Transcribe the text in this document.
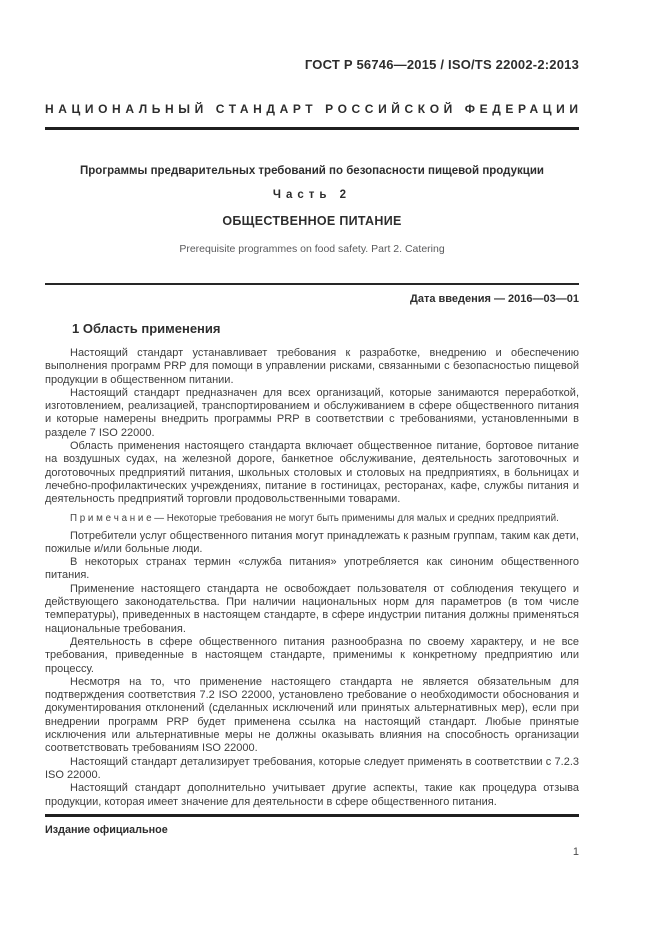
ГОСТ Р 56746—2015 / ISO/TS 22002-2:2013
НАЦИОНАЛЬНЫЙ СТАНДАРТ РОССИЙСКОЙ ФЕДЕРАЦИИ
Программы предварительных требований по безопасности пищевой продукции
Часть 2
ОБЩЕСТВЕННОЕ ПИТАНИЕ
Prerequisite programmes on food safety. Part 2. Catering
Дата введения — 2016—03—01
1 Область применения

Настоящий стандарт устанавливает требования к разработке, внедрению и обеспечению выполнения программ PRP для помощи в управлении рисками, связанными с безопасностью пищевой продукции в общественном питании.

Настоящий стандарт предназначен для всех организаций, которые занимаются переработкой, изготовлением, реализацией, транспортированием и обслуживанием в сфере общественного питания и которые намерены внедрить программы PRP в соответствии с требованиями, установленными в разделе 7 ISO 22000.

Область применения настоящего стандарта включает общественное питание, бортовое питание на воздушных судах, на железной дороге, банкетное обслуживание, деятельность заготовочных и доготовочных предприятий питания, школьных столовых и столовых на предприятиях, в больницах и лечебно-профилактических учреждениях, питание в гостиницах, ресторанах, кафе, службы питания и деятельность предприятий торговли продовольственными товарами.

П р и м е ч а н и е — Некоторые требования не могут быть применимы для малых и средних предприятий.

Потребители услуг общественного питания могут принадлежать к разным группам, таким как дети, пожилые и/или больные люди.

В некоторых странах термин «служба питания» употребляется как синоним общественного питания.

Применение настоящего стандарта не освобождает пользователя от соблюдения текущего и действующего законодательства. При наличии национальных норм для параметров (в том числе температуры), приведенных в настоящем стандарте, в сфере индустрии питания должны применяться национальные требования.

Деятельность в сфере общественного питания разнообразна по своему характеру, и не все требования, приведенные в настоящем стандарте, применимы к конкретному предприятию или процессу.

Несмотря на то, что применение настоящего стандарта не является обязательным для подтверждения соответствия 7.2 ISO 22000, установлено требование о необходимости обоснования и документирования отклонений (сделанных исключений или принятых альтернативных мер), если при внедрении программ PRP будет применена ссылка на настоящий стандарт. Любые принятые исключения или альтернативные меры не должны оказывать влияния на способность организации соответствовать требованиям ISO 22000.

Настоящий стандарт детализирует требования, которые следует применять в соответствии с 7.2.3 ISO 22000.

Настоящий стандарт дополнительно учитывает другие аспекты, такие как процедура отзыва продукции, которая имеет значение для деятельности в сфере общественного питания.

Издание официальное
1
